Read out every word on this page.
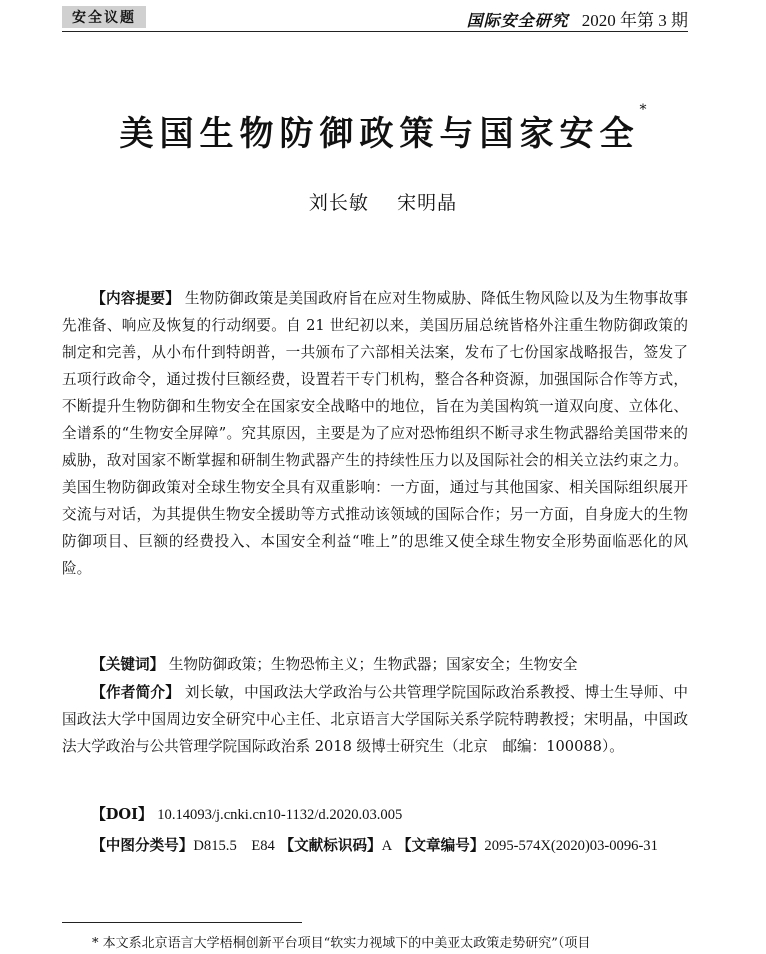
安全议题	国际安全研究 2020 年第 3 期
美国生物防御政策与国家安全*
刘长敏    宋明晶

【内容提要】 生物防御政策是美国政府旨在应对生物威胁、降低生物风险以及为生物事故事先准备、响应及恢复的行动纲要。自 21 世纪初以来，美国历届总统皆格外注重生物防御政策的制定和完善，从小布什到特朗普，一共颁布了六部相关法案，发布了七份国家战略报告，签发了五项行政命令，通过拨付巨额经费，设置若干专门机构，整合各种资源，加强国际合作等方式，不断提升生物防御和生物安全在国家安全战略中的地位，旨在为美国构筑一道双向度、立体化、全谱系的“生物安全屏障”。究其原因，主要是为了应对恐怖组织不断寻求生物武器给美国带来的威胁，敌对国家不断掌握和研制生物武器产生的持续性压力以及国际社会的相关立法约束之力。美国生物防御政策对全球生物安全具有双重影响：一方面，通过与其他国家、相关国际组织展开交流与对话，为其提供生物安全援助等方式推动该领域的国际合作；另一方面，自身庞大的生物防御项目、巨额的经费投入、本国安全利益“唯上”的思维又使全球生物安全形势面临恶化的风险。

【关键词】 生物防御政策；生物恐怖主义；生物武器；国家安全；生物安全

【作者简介】 刘长敏，中国政法大学政治与公共管理学院国际政治系教授、博士生导师、中国政法大学中国周边安全研究中心主任、北京语言大学国际关系学院特聘教授；宋明晶，中国政法大学政治与公共管理学院国际政治系 2018 级博士研究生（北京　邮编：100088）。

【DOI】 10.14093/j.cnki.cn10-1132/d.2020.03.005

【中图分类号】D815.5　E84 【文献标识码】A 【文章编号】2095-574X(2020)03-0096-31

* 本文系北京语言大学梧桐创新平台项目“软实力视域下的中美亚太政策走势研究”（项目
